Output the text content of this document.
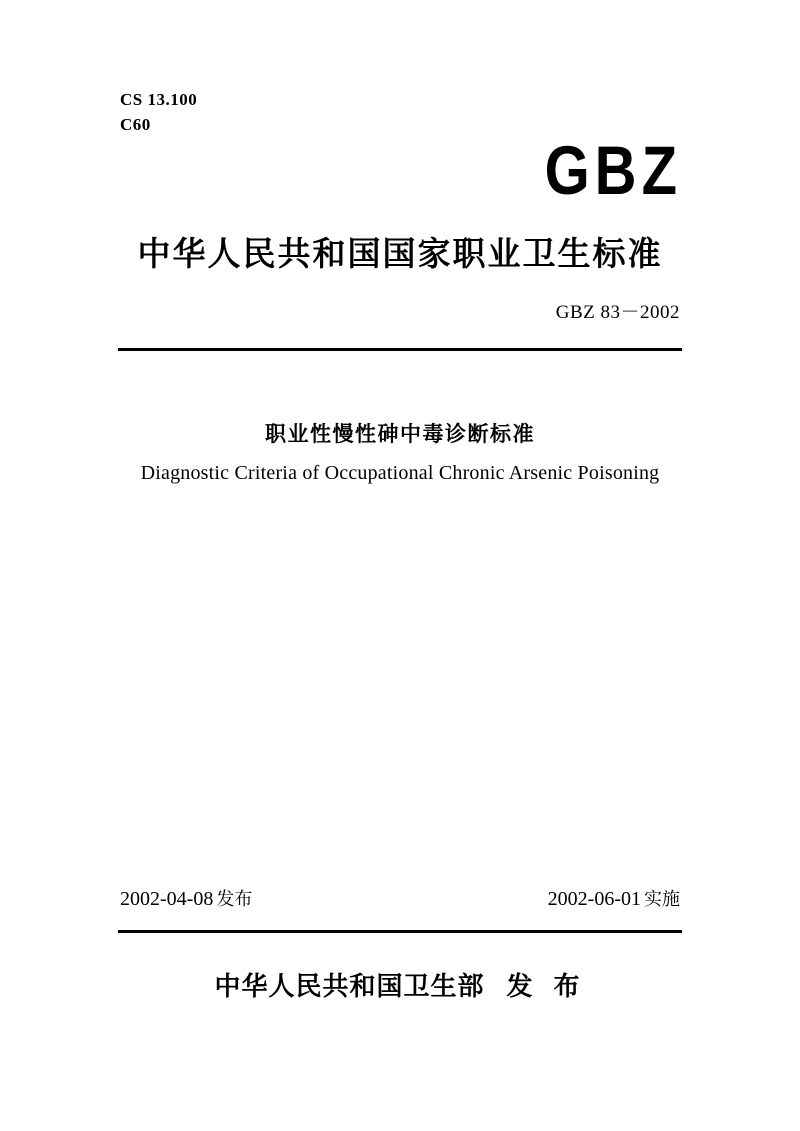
CS 13.100
C60
GBZ
中华人民共和国国家职业卫生标准
GBZ 83－2002
职业性慢性砷中毒诊断标准
Diagnostic Criteria of Occupational Chronic Arsenic Poisoning
2002-04-08 发布	2002-06-01 实施
中华人民共和国卫生部 发 布
